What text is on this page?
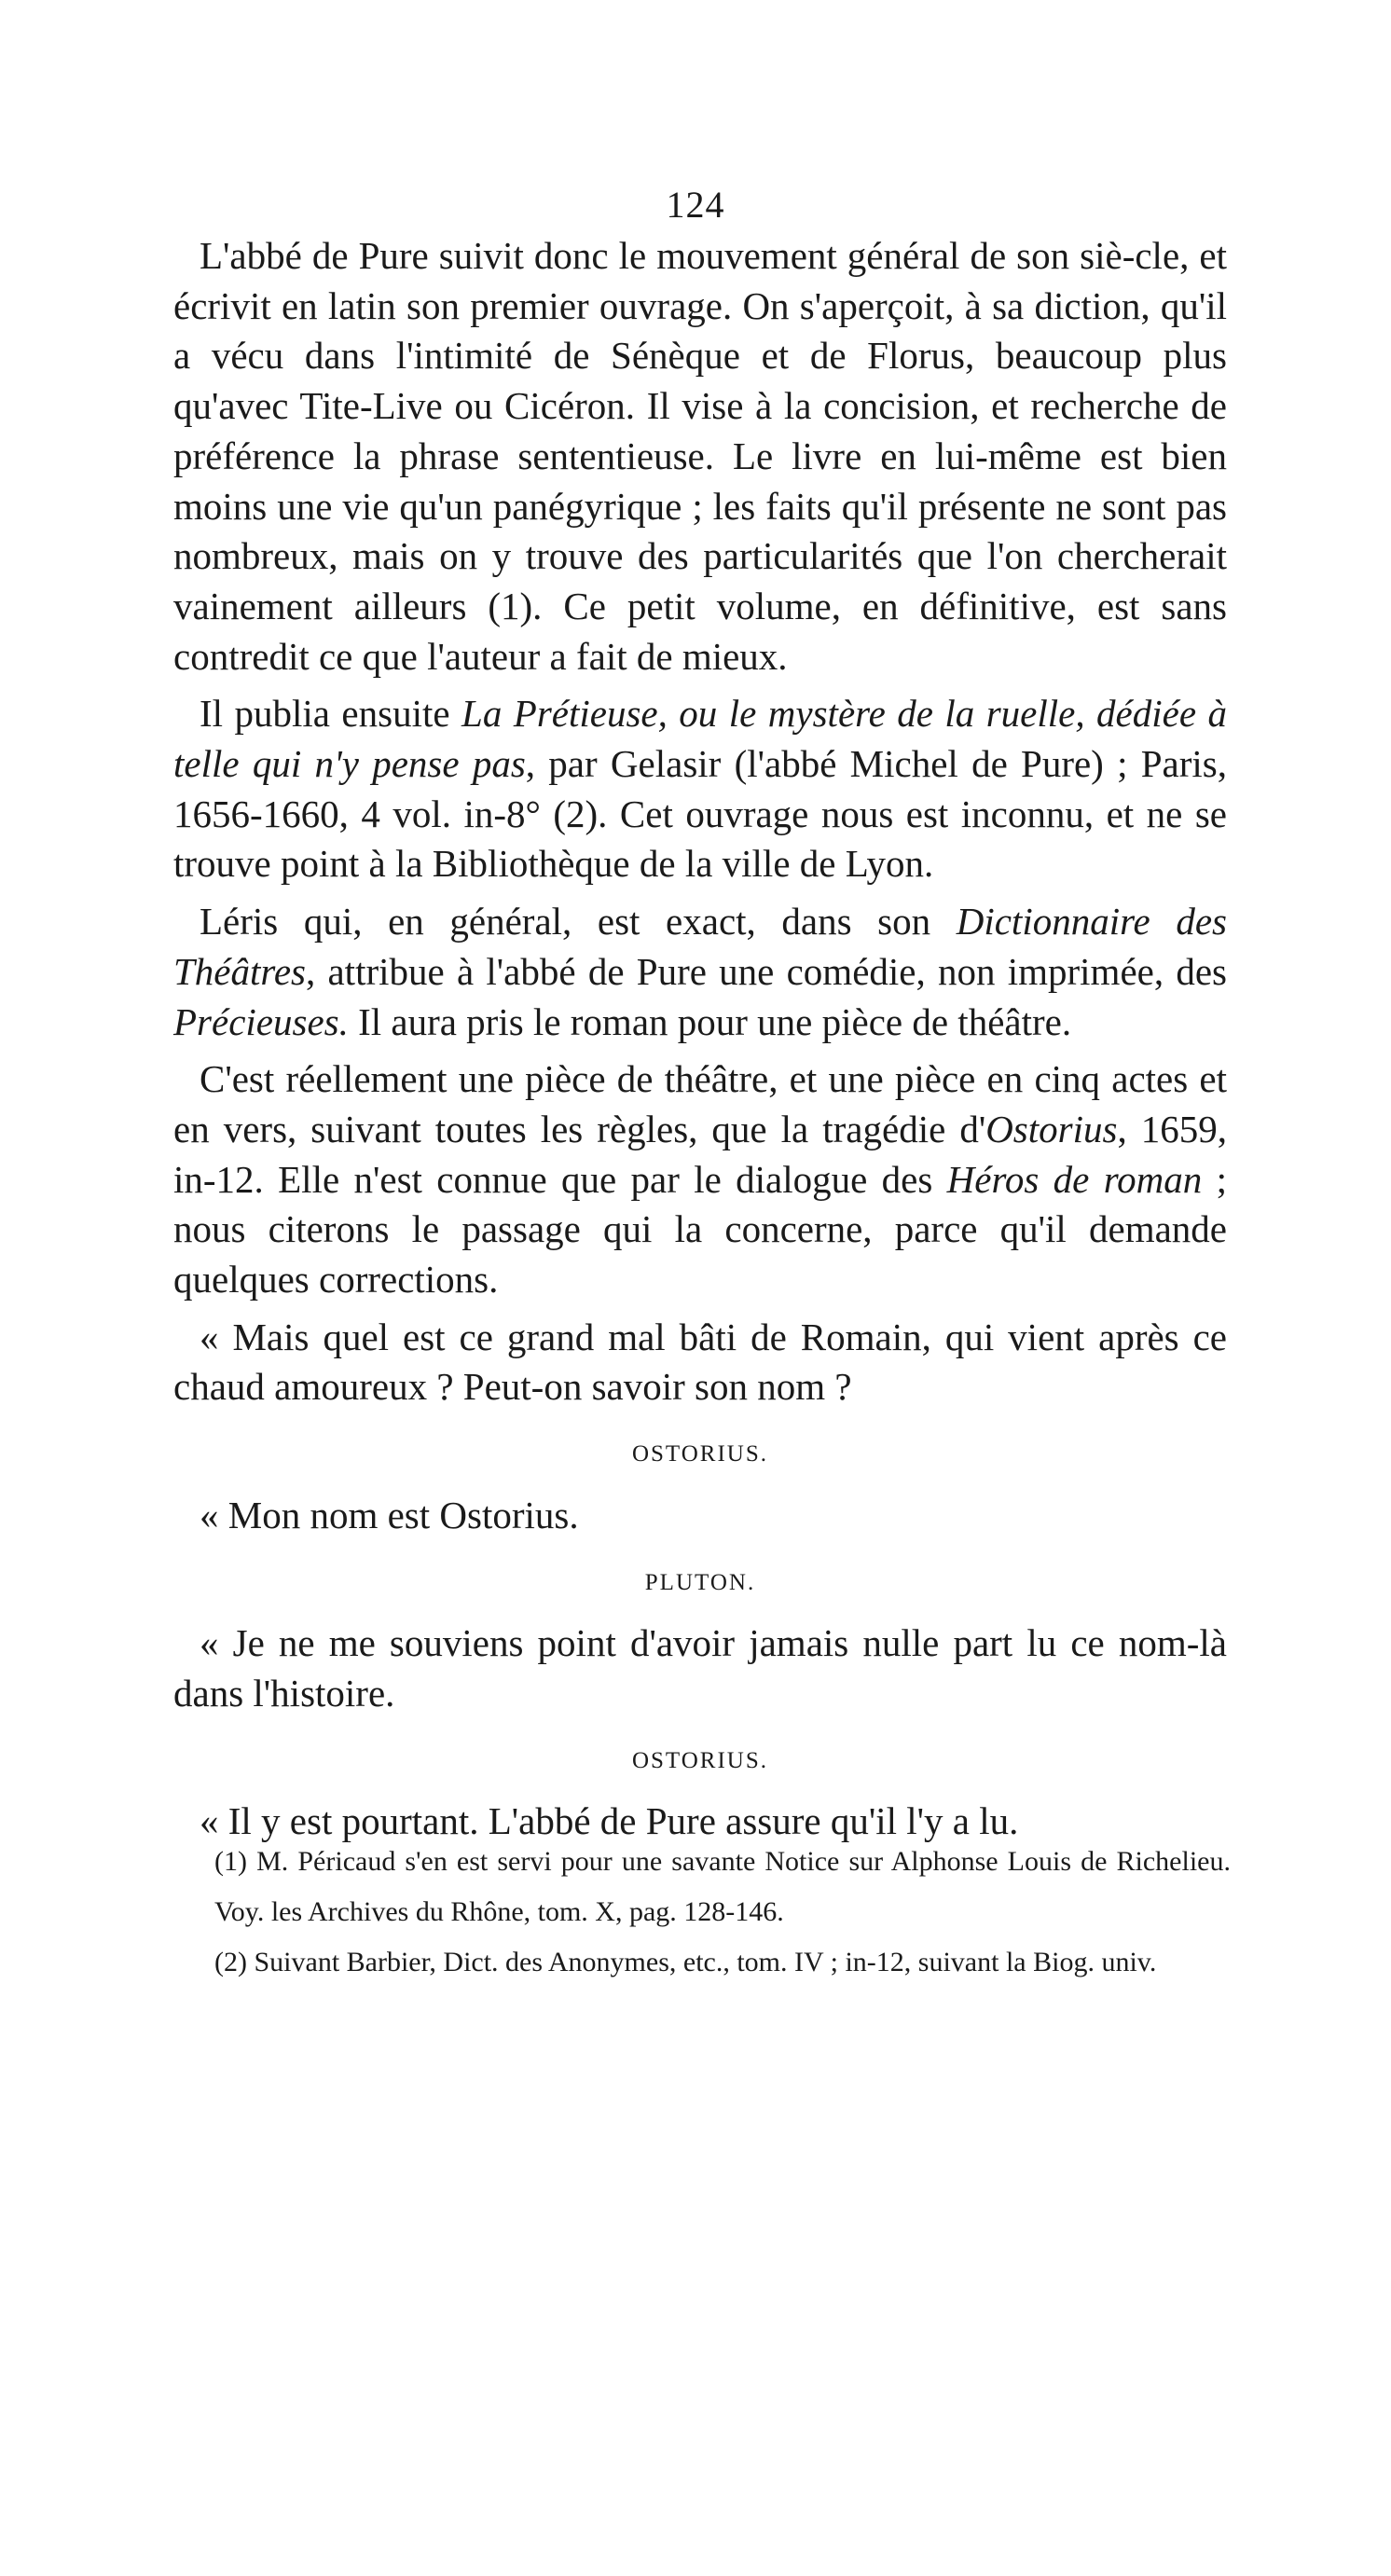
124

L'abbé de Pure suivit donc le mouvement général de son siè-cle, et écrivit en latin son premier ouvrage. On s'aperçoit, à sa diction, qu'il a vécu dans l'intimité de Sénèque et de Florus, beaucoup plus qu'avec Tite-Live ou Cicéron. Il vise à la concision, et recherche de préférence la phrase sententieuse. Le livre en lui-même est bien moins une vie qu'un panégyrique ; les faits qu'il présente ne sont pas nombreux, mais on y trouve des particularités que l'on chercherait vainement ailleurs (1). Ce petit volume, en définitive, est sans contredit ce que l'auteur a fait de mieux.

Il publia ensuite La Prétieuse, ou le mystère de la ruelle, dédiée à telle qui n'y pense pas, par Gelasir (l'abbé Michel de Pure) ; Paris, 1656-1660, 4 vol. in-8° (2). Cet ouvrage nous est inconnu, et ne se trouve point à la Bibliothèque de la ville de Lyon.

Léris qui, en général, est exact, dans son Dictionnaire des Théâtres, attribue à l'abbé de Pure une comédie, non imprimée, des Précieuses. Il aura pris le roman pour une pièce de théâtre.

C'est réellement une pièce de théâtre, et une pièce en cinq actes et en vers, suivant toutes les règles, que la tragédie d'Ostorius, 1659, in-12. Elle n'est connue que par le dialogue des Héros de roman ; nous citerons le passage qui la concerne, parce qu'il demande quelques corrections.

« Mais quel est ce grand mal bâti de Romain, qui vient après ce chaud amoureux ? Peut-on savoir son nom ?

OSTORIUS.

« Mon nom est Ostorius.

PLUTON.

« Je ne me souviens point d'avoir jamais nulle part lu ce nom-là dans l'histoire.

OSTORIUS.

« Il y est pourtant. L'abbé de Pure assure qu'il l'y a lu.

(1) M. Péricaud s'en est servi pour une savante Notice sur Alphonse Louis de Richelieu. Voy. les Archives du Rhône, tom. X, pag. 128-146.

(2) Suivant Barbier, Dict. des Anonymes, etc., tom. IV ; in-12, suivant la Biog. univ.
